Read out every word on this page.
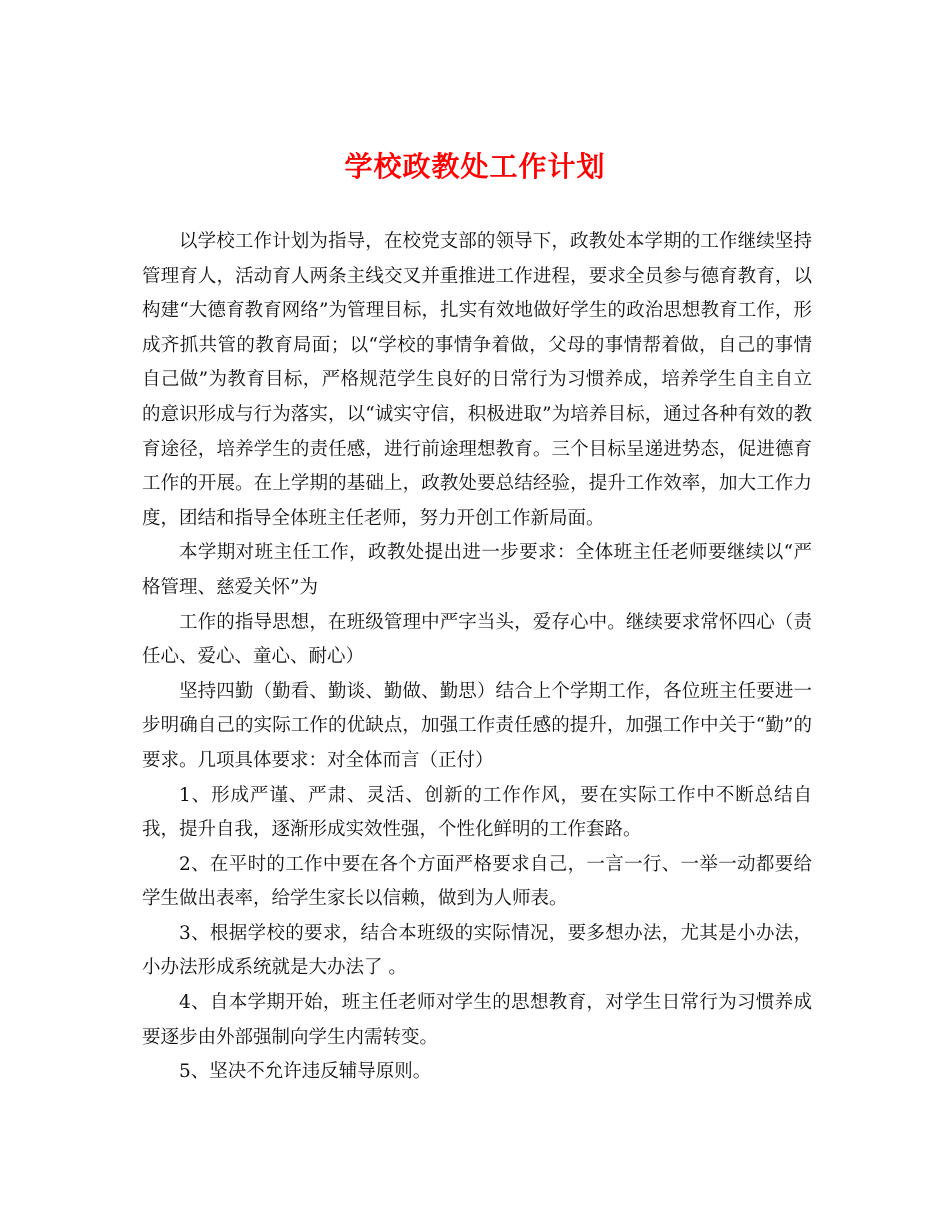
学校政教处工作计划

以学校工作计划为指导，在校党支部的领导下，政教处本学期的工作继续坚持管理育人，活动育人两条主线交叉并重推进工作进程，要求全员参与德育教育，以构建“大德育教育网络”为管理目标，扎实有效地做好学生的政治思想教育工作，形成齐抓共管的教育局面；以“学校的事情争着做，父母的事情帮着做，自己的事情自己做”为教育目标，严格规范学生良好的日常行为习惯养成，培养学生自主自立的意识形成与行为落实，以“诚实守信，积极进取”为培养目标，通过各种有效的教育途径，培养学生的责任感，进行前途理想教育。三个目标呈递进势态，促进德育工作的开展。在上学期的基础上，政教处要总结经验，提升工作效率，加大工作力度，团结和指导全体班主任老师，努力开创工作新局面。

本学期对班主任工作，政教处提出进一步要求：全体班主任老师要继续以“严格管理、慈爱关怀”为

工作的指导思想，在班级管理中严字当头，爱存心中。继续要求常怀四心（责任心、爱心、童心、耐心）

坚持四勤（勤看、勤谈、勤做、勤思）结合上个学期工作，各位班主任要进一步明确自己的实际工作的优缺点，加强工作责任感的提升，加强工作中关于“勤”的要求。几项具体要求：对全体而言（正付）

1、形成严谨、严肃、灵活、创新的工作作风，要在实际工作中不断总结自我，提升自我，逐渐形成实效性强，个性化鲜明的工作套路。

2、在平时的工作中要在各个方面严格要求自己，一言一行、一举一动都要给学生做出表率，给学生家长以信赖，做到为人师表。

3、根据学校的要求，结合本班级的实际情况，要多想办法，尤其是小办法，小办法形成系统就是大办法了 。

4、自本学期开始，班主任老师对学生的思想教育，对学生日常行为习惯养成要逐步由外部强制向学生内需转变。

5、坚决不允许违反辅导原则。
